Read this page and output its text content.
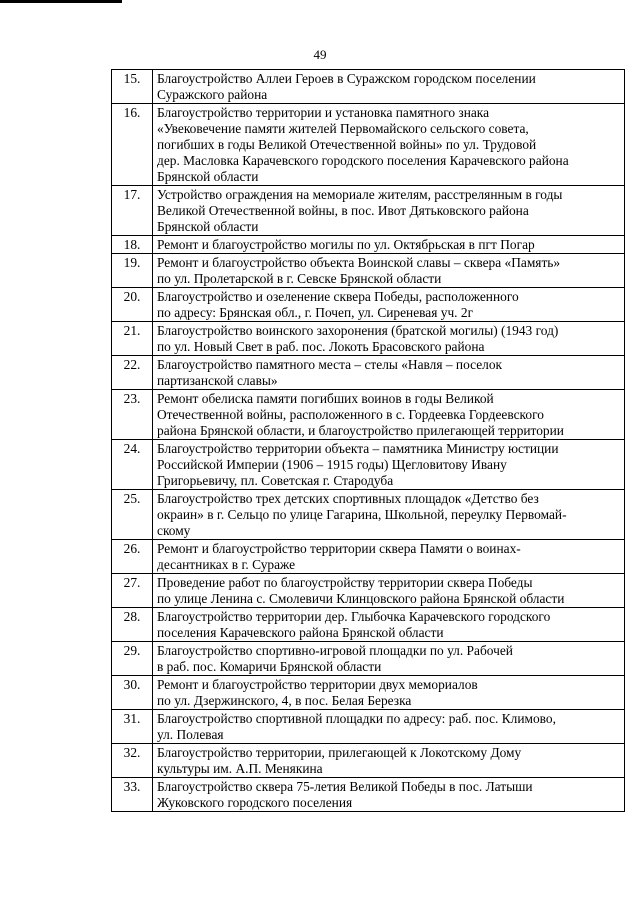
49
15.	Благоустройство Аллеи Героев в Суражском городском поселении
Суражского района

16.	Благоустройство территории и установка памятного знака
«Увековечение памяти жителей Первомайского сельского совета,
погибших в годы Великой Отечественной войны» по ул. Трудовой
дер. Масловка Карачевского городского поселения Карачевского района
Брянской области

17.	Устройство ограждения на мемориале жителям, расстрелянным в годы
Великой Отечественной войны, в пос. Ивот Дятьковского района
Брянской области

18.	Ремонт и благоустройство могилы по ул. Октябрьская в пгт Погар

19.	Ремонт и благоустройство объекта Воинской славы – сквера «Память»
по ул. Пролетарской в г. Севске Брянской области

20.	Благоустройство и озеленение сквера Победы, расположенного
по адресу: Брянская обл., г. Почеп, ул. Сиреневая уч. 2г

21.	Благоустройство воинского захоронения (братской могилы) (1943 год)
по ул. Новый Свет в раб. пос. Локоть Брасовского района

22.	Благоустройство памятного места – стелы «Навля – поселок
партизанской славы»

23.	Ремонт обелиска памяти погибших воинов в годы Великой
Отечественной войны, расположенного в с. Гордеевка Гордеевского
района Брянской области, и благоустройство прилегающей территории

24.	Благоустройство территории объекта – памятника Министру юстиции
Российской Империи (1906 – 1915 годы) Щегловитову Ивану
Григорьевичу, пл. Советская г. Стародуба

25.	Благоустройство трех детских спортивных площадок «Детство без
окраин» в г. Сельцо по улице Гагарина, Школьной, переулку Первомай-
скому

26.	Ремонт и благоустройство территории сквера Памяти о воинах-
десантниках в г. Сураже

27.	Проведение работ по благоустройству территории сквера Победы
по улице Ленина с. Смолевичи Клинцовского района Брянской области

28.	Благоустройство территории дер. Глыбочка Карачевского городского
поселения Карачевского района Брянской области

29.	Благоустройство спортивно-игровой площадки по ул. Рабочей
в раб. пос. Комаричи Брянской области

30.	Ремонт и благоустройство территории двух мемориалов
по ул. Дзержинского, 4, в пос. Белая Березка

31.	Благоустройство спортивной площадки по адресу: раб. пос. Климово,
ул. Полевая

32.	Благоустройство территории, прилегающей к Локотскому Дому
культуры им. А.П. Менякина

33.	Благоустройство сквера 75-летия Великой Победы в пос. Латыши
Жуковского городского поселения
